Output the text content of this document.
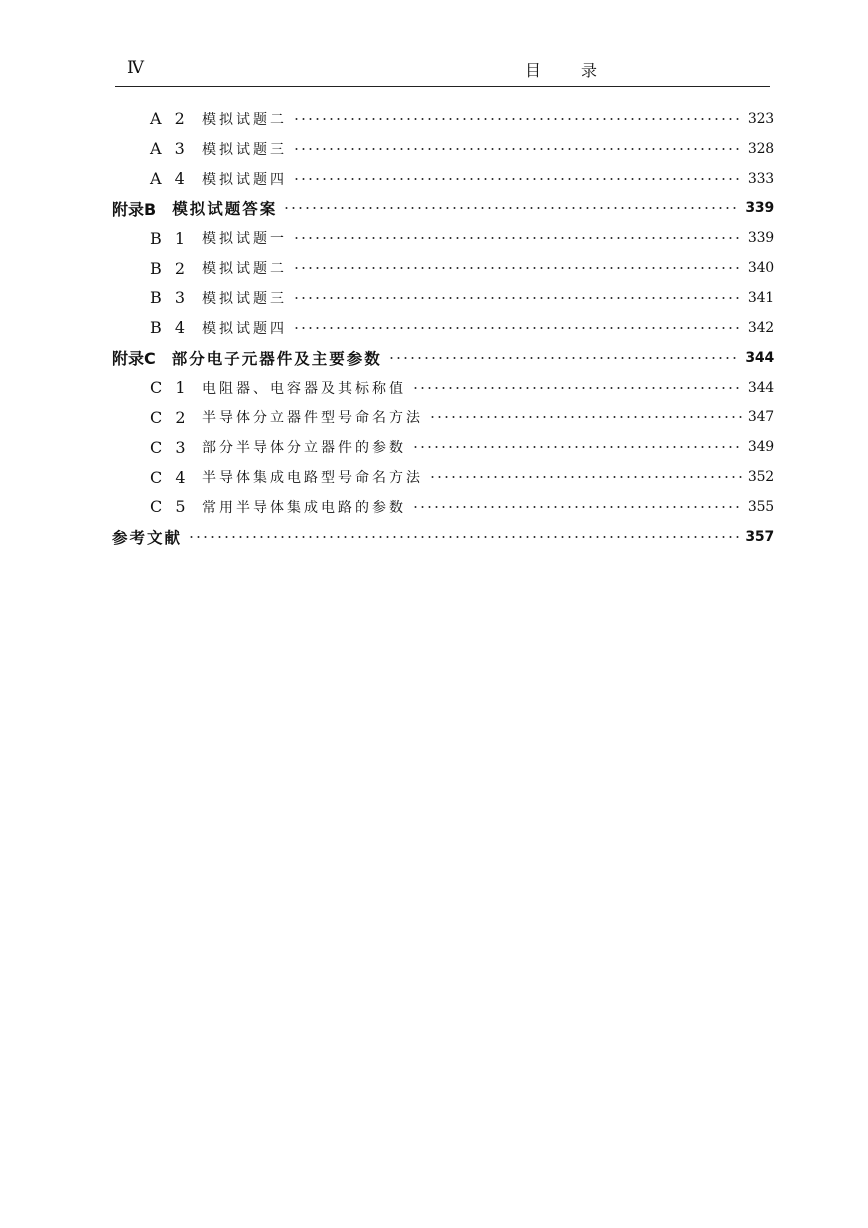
Ⅳ	目录
A 2 模拟试题二	323
A 3 模拟试题三	328
A 4 模拟试题四	333
附录B 模拟试题答案	339
B 1 模拟试题一	339
B 2 模拟试题二	340
B 3 模拟试题三	341
B 4 模拟试题四	342
附录C 部分电子元器件及主要参数	344
C 1 电阻器、电容器及其标称值	344
C 2 半导体分立器件型号命名方法	347
C 3 部分半导体分立器件的参数	349
C 4 半导体集成电路型号命名方法	352
C 5 常用半导体集成电路的参数	355
参考文献	357
